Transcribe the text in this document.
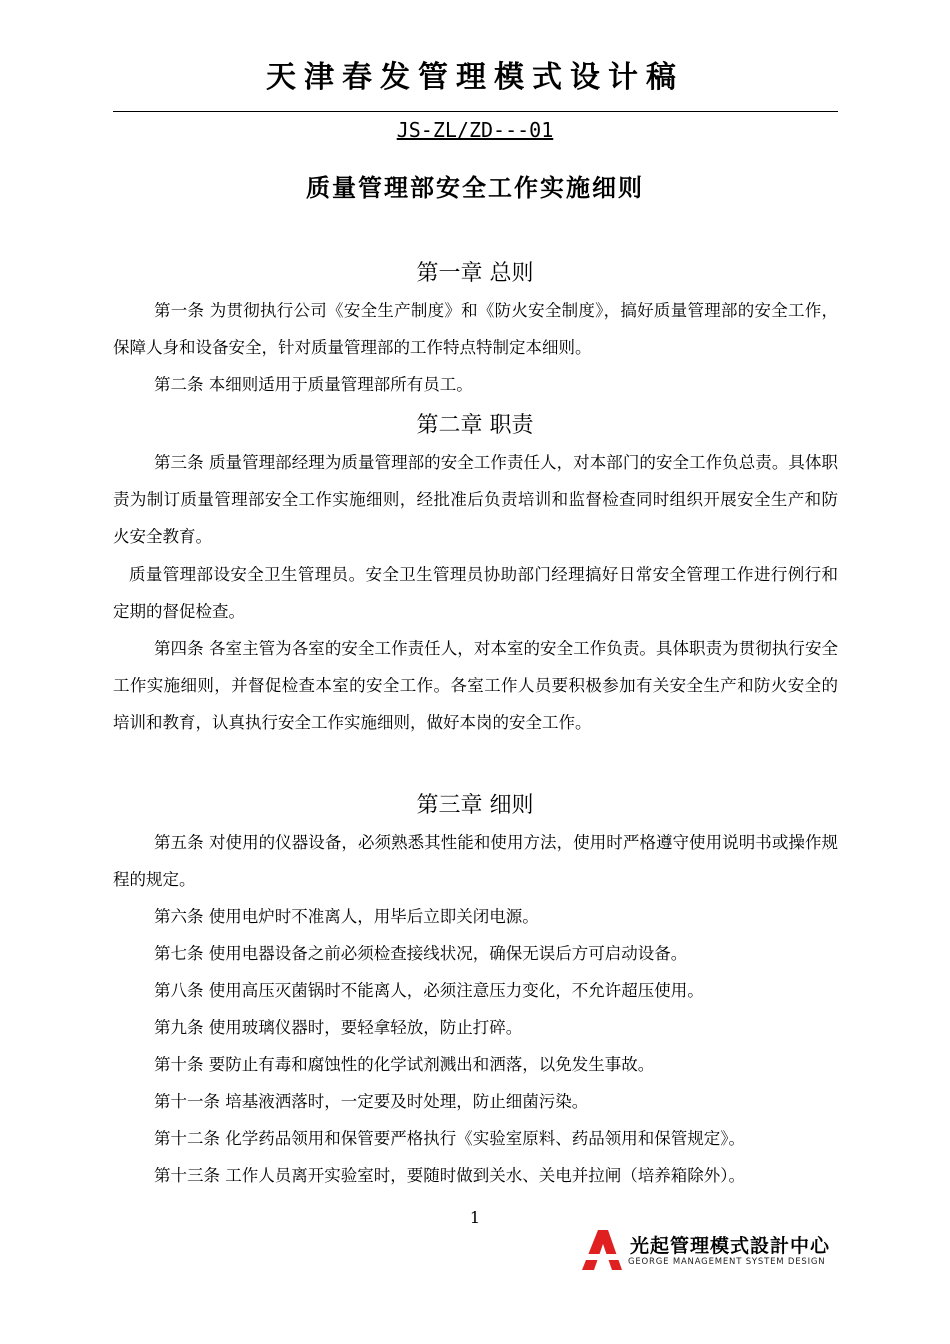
天津春发管理模式设计稿
JS-ZL/ZD---01
质量管理部安全工作实施细则
第一章 总则
第一条 为贯彻执行公司《安全生产制度》和《防火安全制度》，搞好质量管理部的安全工作，保障人身和设备安全，针对质量管理部的工作特点特制定本细则。
第二条 本细则适用于质量管理部所有员工。
第二章 职责
第三条 质量管理部经理为质量管理部的安全工作责任人，对本部门的安全工作负总责。具体职责为制订质量管理部安全工作实施细则，经批准后负责培训和监督检查同时组织开展安全生产和防火安全教育。
质量管理部设安全卫生管理员。安全卫生管理员协助部门经理搞好日常安全管理工作进行例行和定期的督促检查。
第四条 各室主管为各室的安全工作责任人，对本室的安全工作负责。具体职责为贯彻执行安全工作实施细则，并督促检查本室的安全工作。各室工作人员要积极参加有关安全生产和防火安全的培训和教育，认真执行安全工作实施细则，做好本岗的安全工作。
第三章 细则
第五条 对使用的仪器设备，必须熟悉其性能和使用方法，使用时严格遵守使用说明书或操作规程的规定。
第六条 使用电炉时不准离人，用毕后立即关闭电源。
第七条 使用电器设备之前必须检查接线状况，确保无误后方可启动设备。
第八条 使用高压灭菌锅时不能离人，必须注意压力变化，不允许超压使用。
第九条 使用玻璃仪器时，要轻拿轻放，防止打碎。
第十条 要防止有毒和腐蚀性的化学试剂溅出和洒落，以免发生事故。
第十一条 培基液洒落时，一定要及时处理，防止细菌污染。
第十二条 化学药品领用和保管要严格执行《实验室原料、药品领用和保管规定》。
第十三条 工作人员离开实验室时，要随时做到关水、关电并拉闸（培养箱除外）。
1
光起管理模式設計中心
GEORGE MANAGEMENT SYSTEM DESIGN
